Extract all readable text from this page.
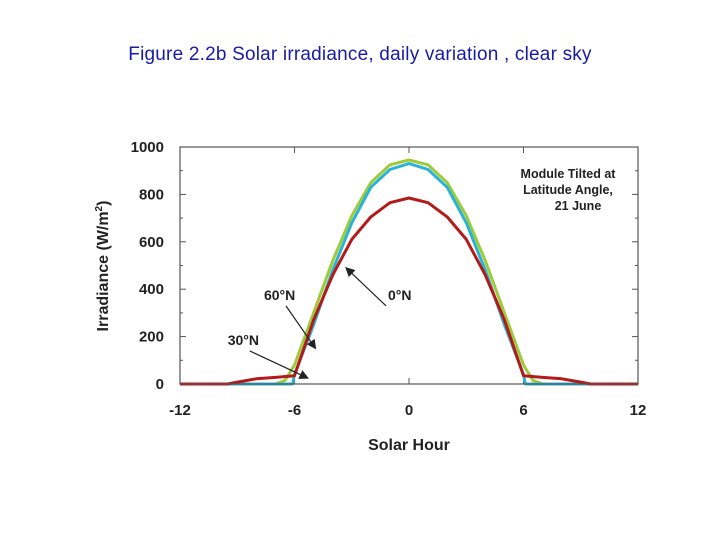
Figure 2.2b Solar irradiance, daily variation , clear sky
0
200
400
600
800
1000
-12	-6	0	6	12
60°N
30°N
0°N
Solar Hour
Irradiance $(W/m^2)$
Module Tilted at
Latitude Angle,
21 June
